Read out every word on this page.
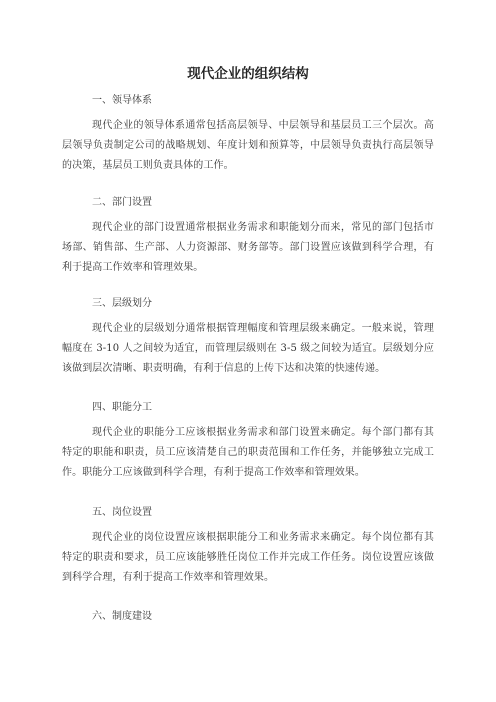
现代企业的组织结构
一、领导体系

现代企业的领导体系通常包括高层领导、中层领导和基层员工三个层次。高层领导负责制定公司的战略规划、年度计划和预算等，中层领导负责执行高层领导的决策，基层员工则负责具体的工作。

二、部门设置

现代企业的部门设置通常根据业务需求和职能划分而来，常见的部门包括市场部、销售部、生产部、人力资源部、财务部等。部门设置应该做到科学合理，有利于提高工作效率和管理效果。

三、层级划分

现代企业的层级划分通常根据管理幅度和管理层级来确定。一般来说，管理幅度在 3-10 人之间较为适宜，而管理层级则在 3-5 级之间较为适宜。层级划分应该做到层次清晰、职责明确，有利于信息的上传下达和决策的快速传递。

四、职能分工

现代企业的职能分工应该根据业务需求和部门设置来确定。每个部门都有其特定的职能和职责，员工应该清楚自己的职责范围和工作任务，并能够独立完成工作。职能分工应该做到科学合理，有利于提高工作效率和管理效果。

五、岗位设置

现代企业的岗位设置应该根据职能分工和业务需求来确定。每个岗位都有其特定的职责和要求，员工应该能够胜任岗位工作并完成工作任务。岗位设置应该做到科学合理，有利于提高工作效率和管理效果。

六、制度建设
